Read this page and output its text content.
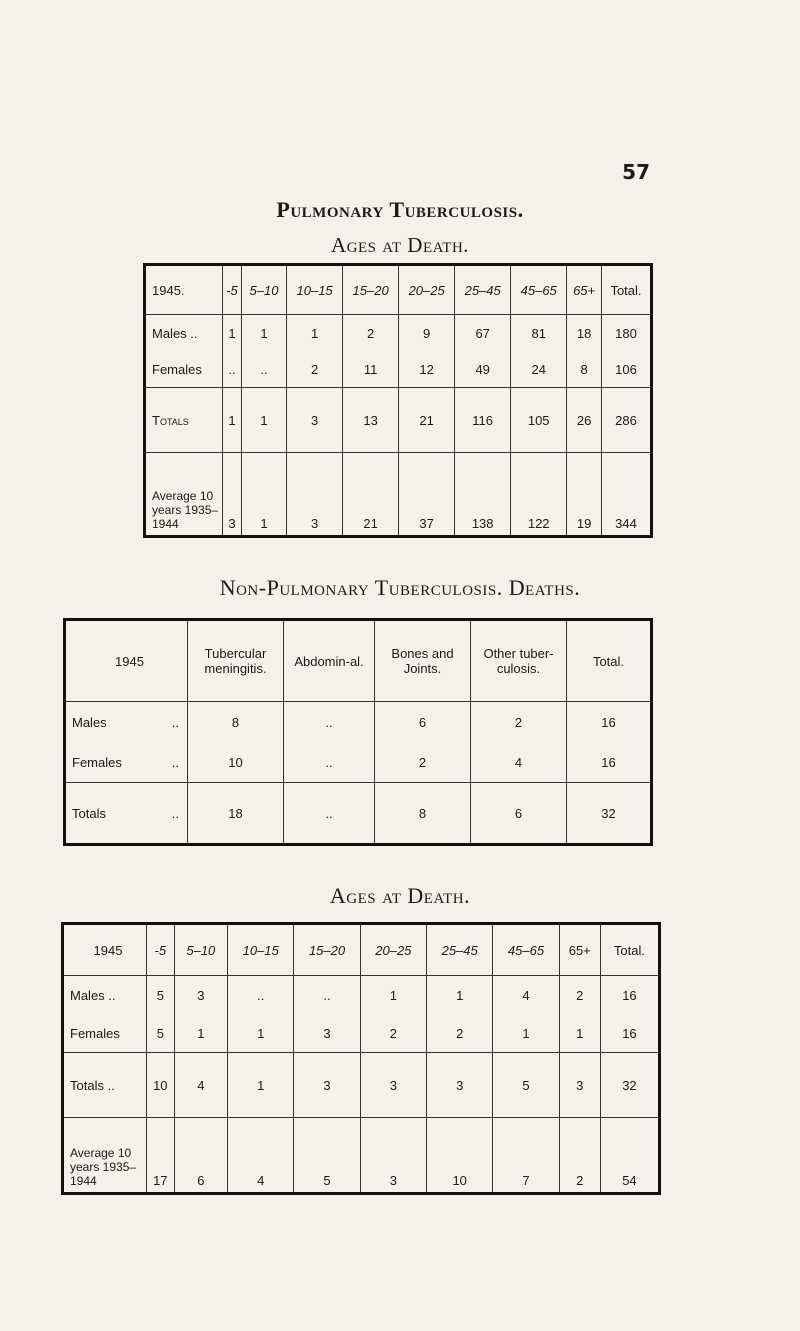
57
Pulmonary Tuberculosis.
Ages at Death.
1945.	-5	5–10	10–15	15–20	20–25	25–45	45–65	65+	Total.
Males ..	1	1	1	2	9	67	81	18	180
Females	..	..	2	11	12	49	24	8	106
Totals	1	1	3	13	21	116	105	26	286
Average 10 years 1935–1944	3	1	3	21	37	138	122	19	344
Non-Pulmonary Tuberculosis. Deaths.
1945	Tubercular meningitis.	Abdomin-al.	Bones and Joints.	Other tuber-culosis.	Total.
Males ..	8	..	6	2	16
Females ..	10	..	2	4	16
Totals ..	18	..	8	6	32
Ages at Death.
1945	-5	5–10	10–15	15–20	20–25	25–45	45–65	65+	Total.
Males ..	5	3	..	..	1	1	4	2	16
Females	5	1	1	3	2	2	1	1	16
Totals ..	10	4	1	3	3	3	5	3	32
Average 10 years 1935–1944	17	6	4	5	3	10	7	2	54
